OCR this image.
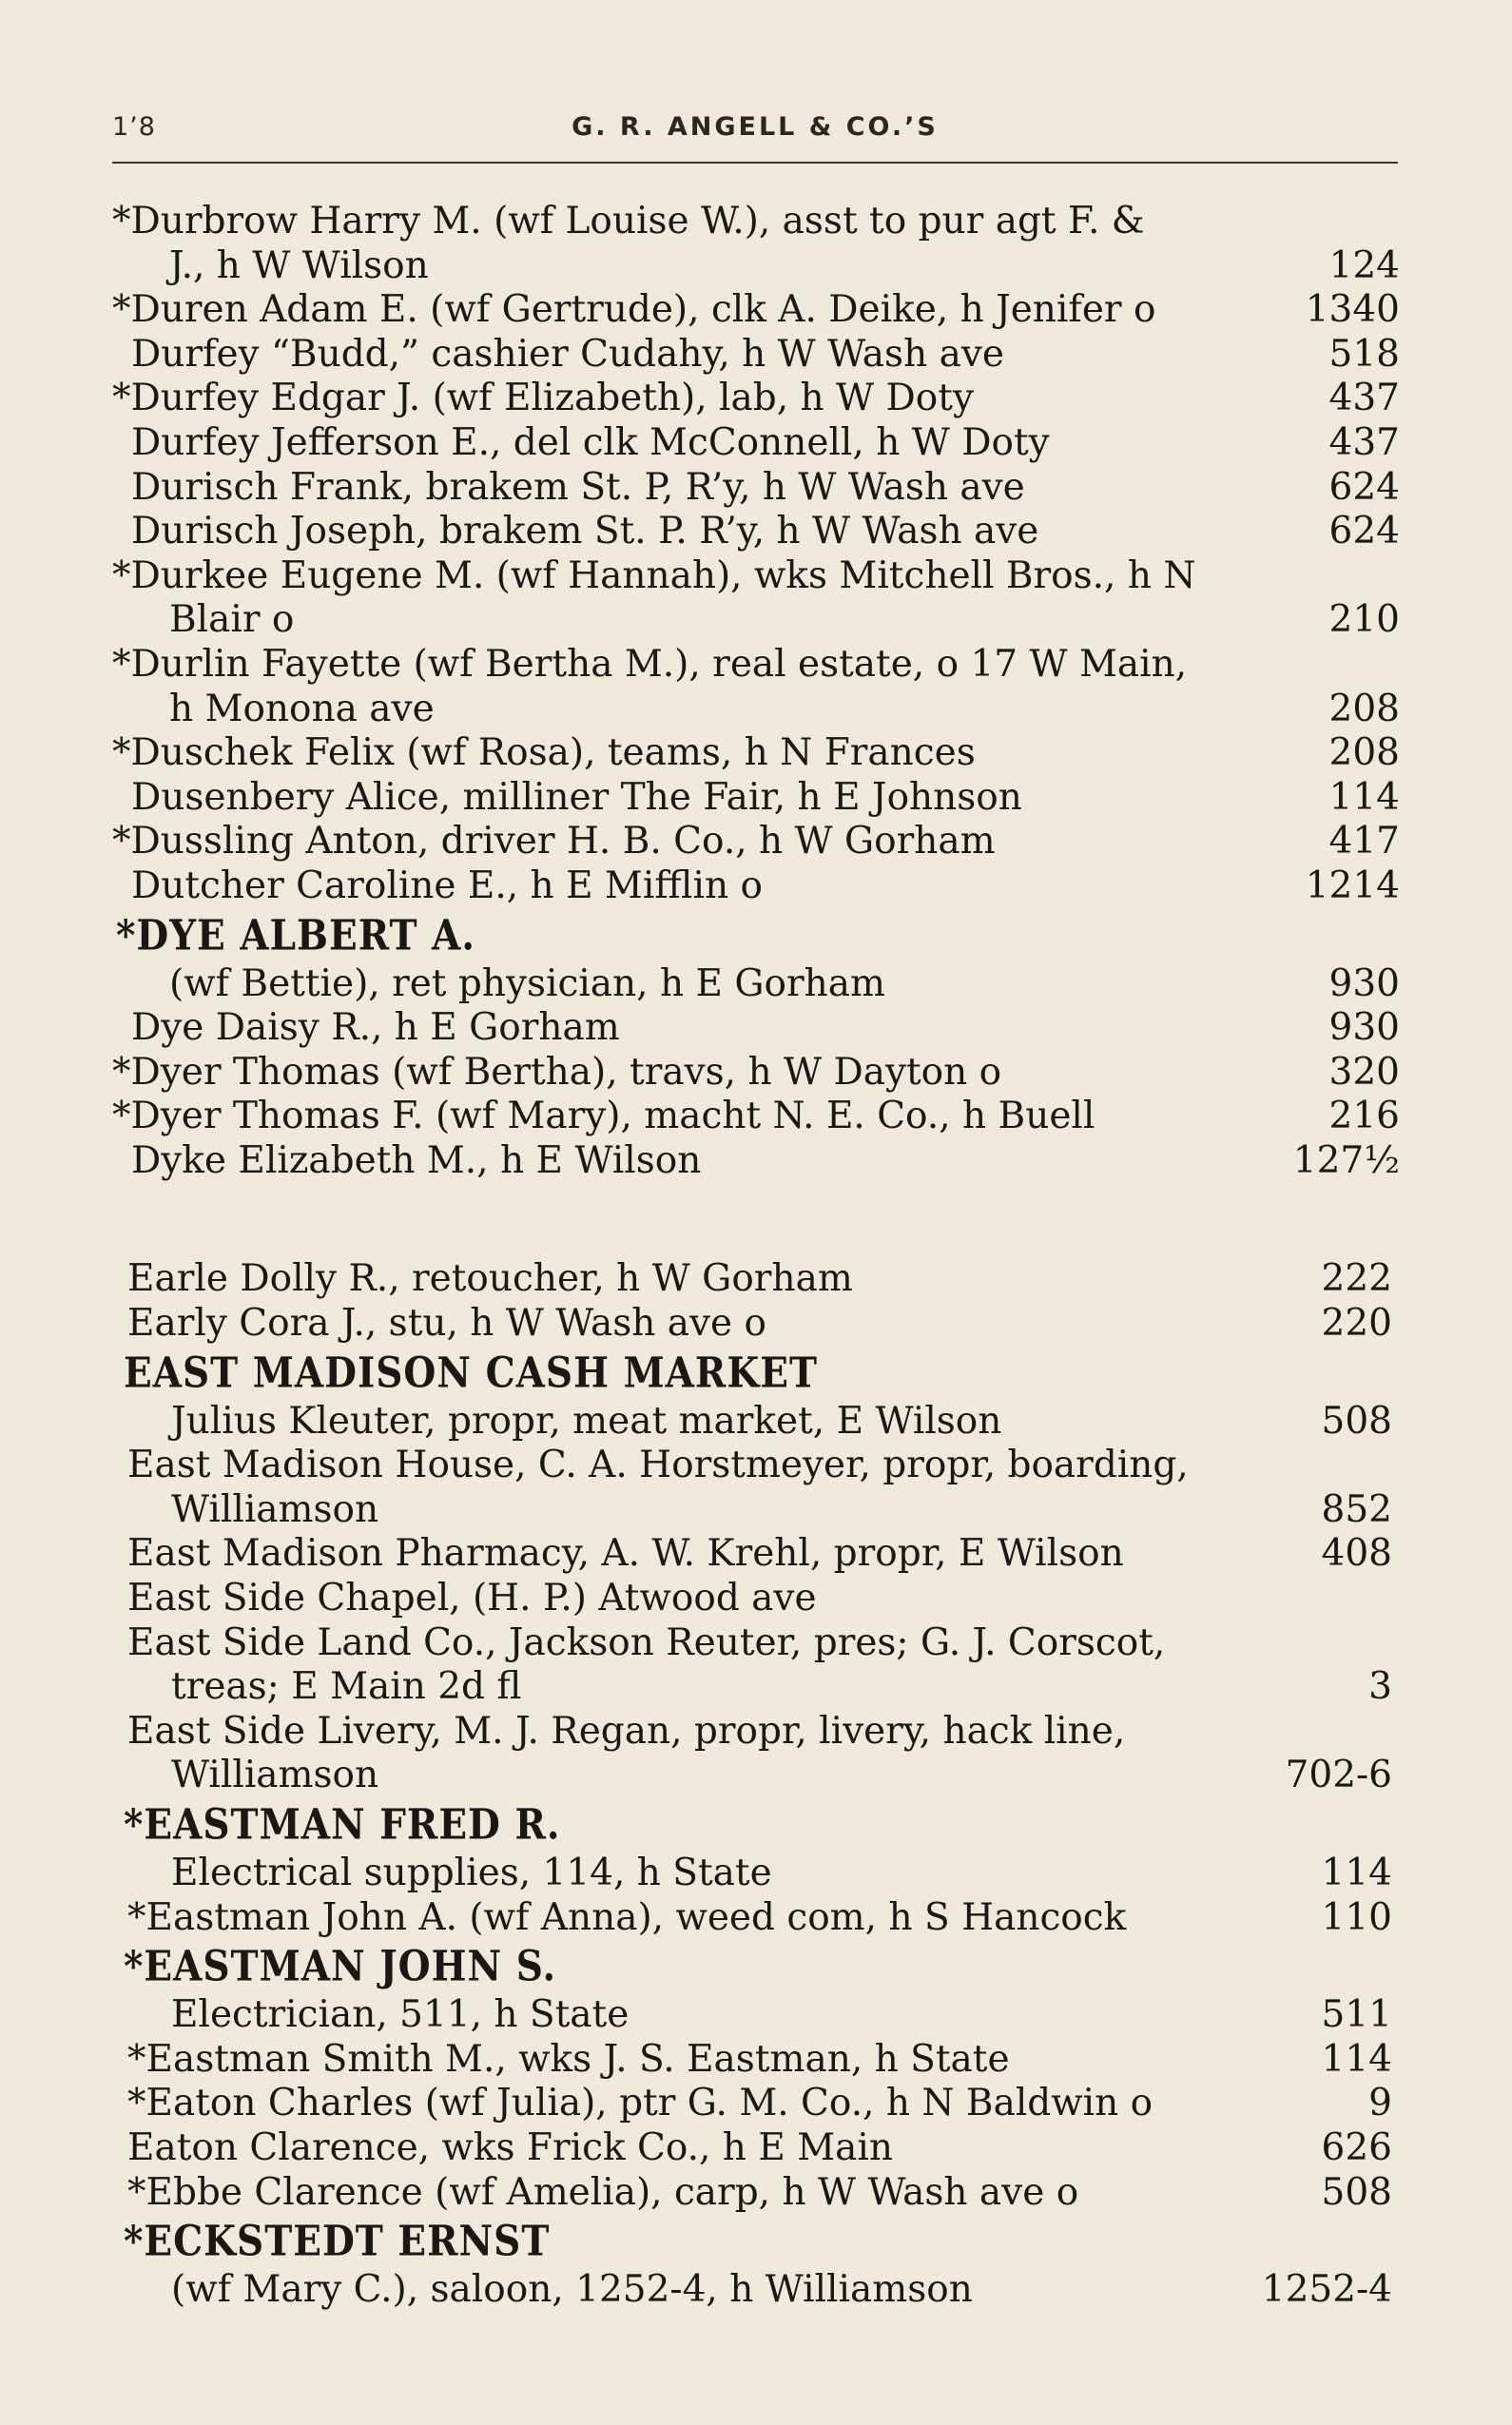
1’8	G. R. ANGELL & CO.’S
*Durbrow Harry M. (wf Louise W.), asst to pur agt F. &
J., h W Wilson	124
*Duren Adam E. (wf Gertrude), clk A. Deike, h Jenifer o	1340
Durfey “Budd,” cashier Cudahy, h W Wash ave	518
*Durfey Edgar J. (wf Elizabeth), lab, h W Doty	437
Durfey Jefferson E., del clk McConnell, h W Doty	437
Durisch Frank, brakem St. P, R’y, h W Wash ave	624
Durisch Joseph, brakem St. P. R’y, h W Wash ave	624
*Durkee Eugene M. (wf Hannah), wks Mitchell Bros., h N
Blair o	210
*Durlin Fayette (wf Bertha M.), real estate, o 17 W Main,
h Monona ave	208
*Duschek Felix (wf Rosa), teams, h N Frances	208
Dusenbery Alice, milliner The Fair, h E Johnson	114
*Dussling Anton, driver H. B. Co., h W Gorham	417
Dutcher Caroline E., h E Mifflin o	1214
*DYE ALBERT A.
(wf Bettie), ret physician, h E Gorham	930
Dye Daisy R., h E Gorham	930
*Dyer Thomas (wf Bertha), travs, h W Dayton o	320
*Dyer Thomas F. (wf Mary), macht N. E. Co., h Buell	216
Dyke Elizabeth M., h E Wilson	127½
Earle Dolly R., retoucher, h W Gorham	222
Early Cora J., stu, h W Wash ave o	220
EAST MADISON CASH MARKET
Julius Kleuter, propr, meat market, E Wilson	508
East Madison House, C. A. Horstmeyer, propr, boarding,
Williamson	852
East Madison Pharmacy, A. W. Krehl, propr, E Wilson	408
East Side Chapel, (H. P.) Atwood ave
East Side Land Co., Jackson Reuter, pres; G. J. Corscot,
treas; E Main 2d fl	3
East Side Livery, M. J. Regan, propr, livery, hack line,
Williamson	702-6
*EASTMAN FRED R.
Electrical supplies, 114, h State	114
*Eastman John A. (wf Anna), weed com, h S Hancock	110
*EASTMAN JOHN S.
Electrician, 511, h State	511
*Eastman Smith M., wks J. S. Eastman, h State	114
*Eaton Charles (wf Julia), ptr G. M. Co., h N Baldwin o	9
Eaton Clarence, wks Frick Co., h E Main	626
*Ebbe Clarence (wf Amelia), carp, h W Wash ave o	508
*ECKSTEDT ERNST
(wf Mary C.), saloon, 1252-4, h Williamson	1252-4
